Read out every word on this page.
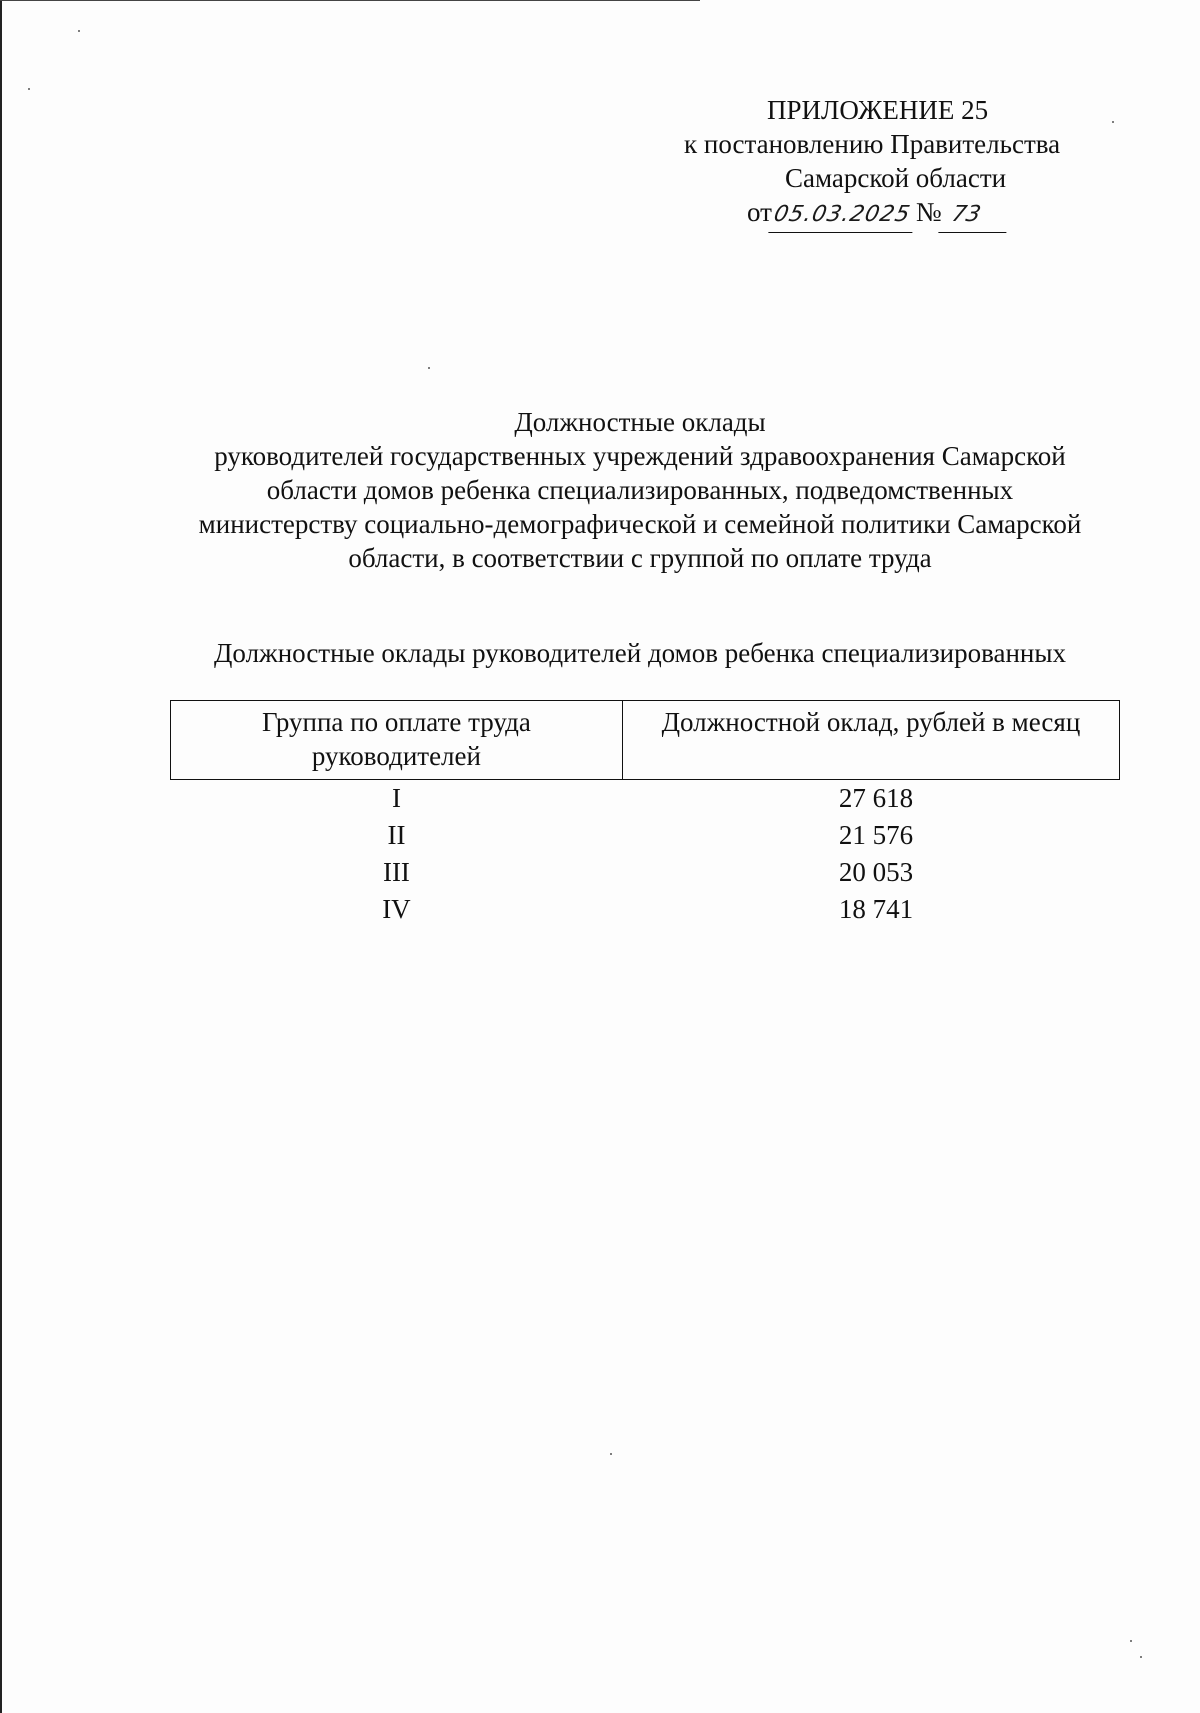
ПРИЛОЖЕНИЕ 25
к постановлению Правительства
Самарской области
от05.03.2025 № 73
Должностные оклады
руководителей государственных учреждений здравоохранения Самарской
области домов ребенка специализированных, подведомственных
министерству социально-демографической и семейной политики Самарской
области, в соответствии с группой по оплате труда
Должностные оклады руководителей домов ребенка специализированных
Группа по оплате труда
руководителей	Должностной оклад, рублей в месяц

I	27 618
II	21 576
III	20 053
IV	18 741
